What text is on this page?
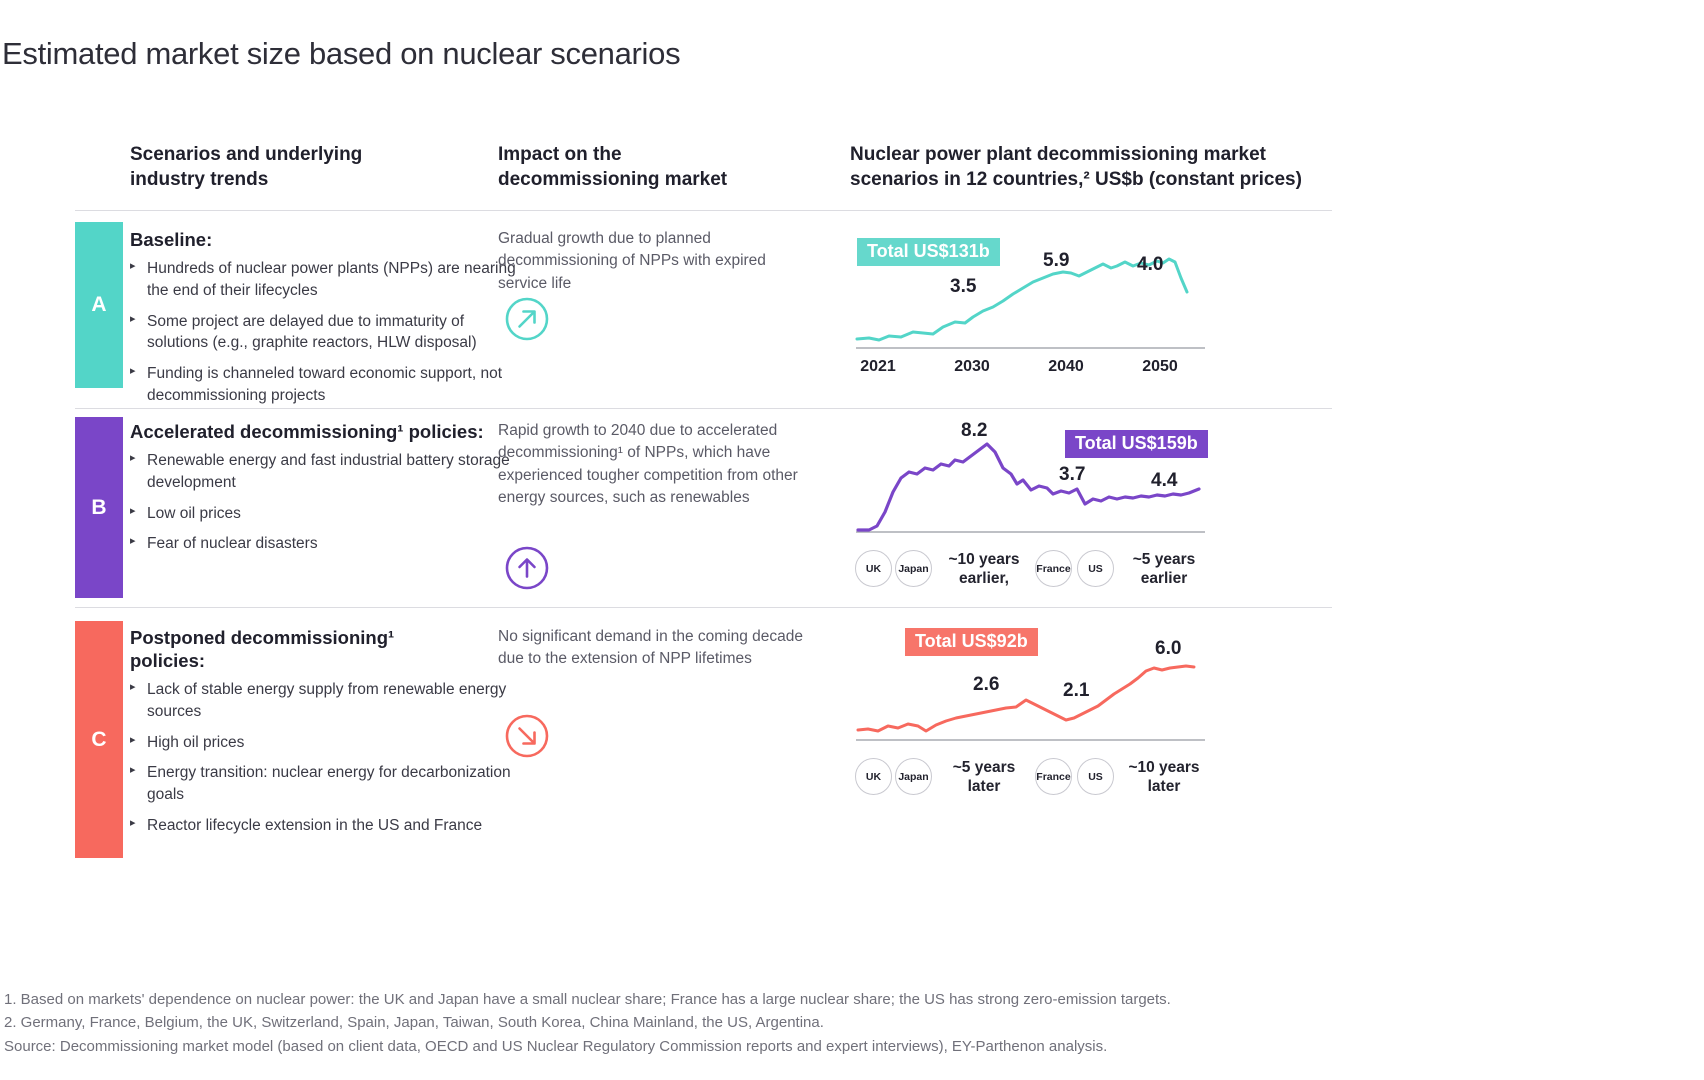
Estimated market size based on nuclear scenarios
Scenarios and underlying industry trends
Impact on the decommissioning market
Nuclear power plant decommissioning market scenarios in 12 countries,² US$b (constant prices)
A
Baseline:
▸ Hundreds of nuclear power plants (NPPs) are nearing the end of their lifecycles
▸ Some project are delayed due to immaturity of solutions (e.g., graphite reactors, HLW disposal)
▸ Funding is channeled toward economic support, not decommissioning projects
Gradual growth due to planned decommissioning of NPPs with expired service life
Total US$131b
3.5
5.9	4.0
2021	2030	2040	2050
B
Accelerated decommissioning¹ policies:
▸ Renewable energy and fast industrial battery storage development
▸ Low oil prices
▸ Fear of nuclear disasters
Rapid growth to 2040 due to accelerated decommissioning¹ of NPPs, which have experienced tougher competition from other energy sources, such as renewables
Total US$159b
8.2
3.7	4.4
UK	Japan
~10 years earlier,
France	US
~5 years earlier
C
Postponed decommissioning¹ policies:
▸ Lack of stable energy supply from renewable energy sources
▸ High oil prices
▸ Energy transition: nuclear energy for decarbonization goals
▸ Reactor lifecycle extension in the US and France
No significant demand in the coming decade due to the extension of NPP lifetimes
Total US$92b
2.6	2.1
6.0
UK	Japan
~5 years later
France	US
~10 years later
1. Based on markets' dependence on nuclear power: the UK and Japan have a small nuclear share; France has a large nuclear share; the US has strong zero-emission targets.
2. Germany, France, Belgium, the UK, Switzerland, Spain, Japan, Taiwan, South Korea, China Mainland, the US, Argentina.
Source: Decommissioning market model (based on client data, OECD and US Nuclear Regulatory Commission reports and expert interviews), EY-Parthenon analysis.
